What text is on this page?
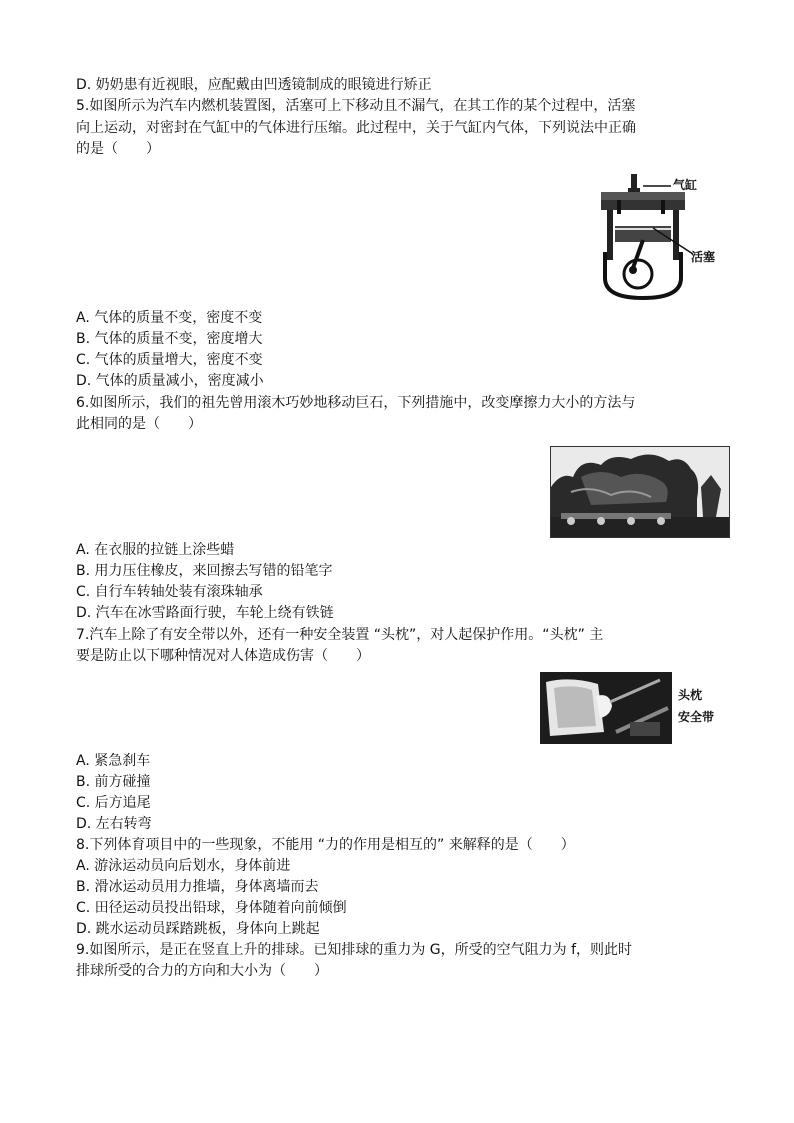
D. 奶奶患有近视眼，应配戴由凹透镜制成的眼镜进行矫正
5.如图所示为汽车内燃机装置图，活塞可上下移动且不漏气，在其工作的某个过程中，活塞
向上运动，对密封在气缸中的气体进行压缩。此过程中，关于气缸内气体，下列说法中正确
的是（　　）
气缸
活塞
A. 气体的质量不变，密度不变
B. 气体的质量不变，密度增大
C. 气体的质量增大，密度不变
D. 气体的质量减小，密度减小
6.如图所示，我们的祖先曾用滚木巧妙地移动巨石，下列措施中，改变摩擦力大小的方法与
此相同的是（　　）
A. 在衣服的拉链上涂些蜡
B. 用力压住橡皮，来回擦去写错的铅笔字
C. 自行车转轴处装有滚珠轴承
D. 汽车在冰雪路面行驶，车轮上绕有铁链
7.汽车上除了有安全带以外，还有一种安全装置 “头枕”，对人起保护作用。“头枕” 主
要是防止以下哪种情况对人体造成伤害（　　）
头枕
安全带
A. 紧急刹车
B. 前方碰撞
C. 后方追尾
D. 左右转弯
8.下列体育项目中的一些现象，不能用 “力的作用是相互的” 来解释的是（　　）
A. 游泳运动员向后划水，身体前进
B. 滑冰运动员用力推墙，身体离墙而去
C. 田径运动员投出铅球，身体随着向前倾倒
D. 跳水运动员踩踏跳板，身体向上跳起
9.如图所示，是正在竖直上升的排球。已知排球的重力为 G，所受的空气阻力为 f，则此时
排球所受的合力的方向和大小为（　　）
